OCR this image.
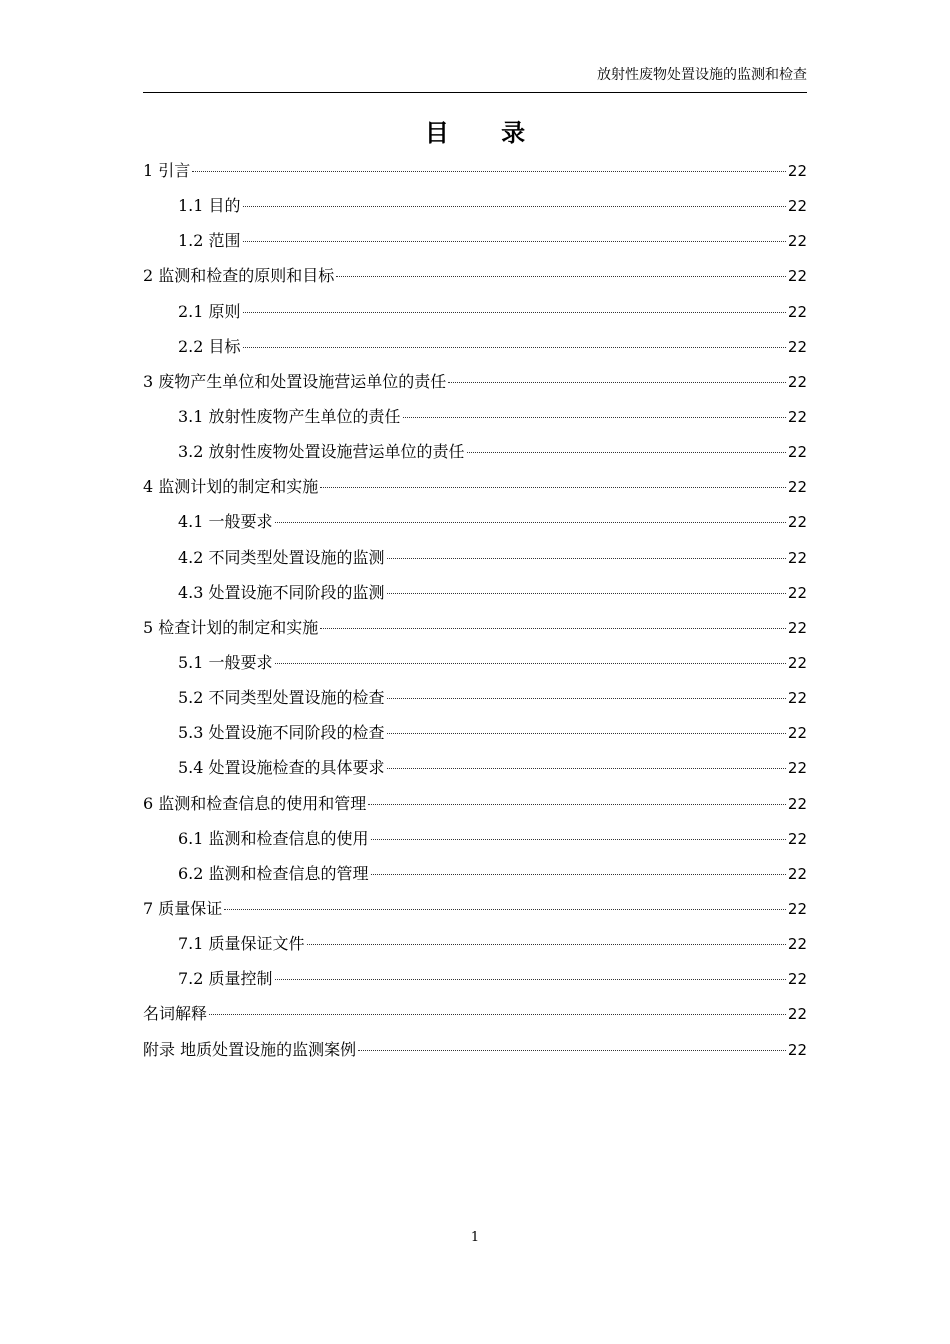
放射性废物处置设施的监测和检查
目 录
1 引言	22
1.1 目的	22
1.2 范围	22
2 监测和检查的原则和目标	22
2.1 原则	22
2.2 目标	22
3 废物产生单位和处置设施营运单位的责任	22
3.1 放射性废物产生单位的责任	22
3.2 放射性废物处置设施营运单位的责任	22
4 监测计划的制定和实施	22
4.1 一般要求	22
4.2 不同类型处置设施的监测	22
4.3 处置设施不同阶段的监测	22
5 检查计划的制定和实施	22
5.1 一般要求	22
5.2 不同类型处置设施的检查	22
5.3 处置设施不同阶段的检查	22
5.4 处置设施检查的具体要求	22
6 监测和检查信息的使用和管理	22
6.1 监测和检查信息的使用	22
6.2 监测和检查信息的管理	22
7 质量保证	22
7.1 质量保证文件	22
7.2 质量控制	22
名词解释	22
附录 地质处置设施的监测案例	22
1
